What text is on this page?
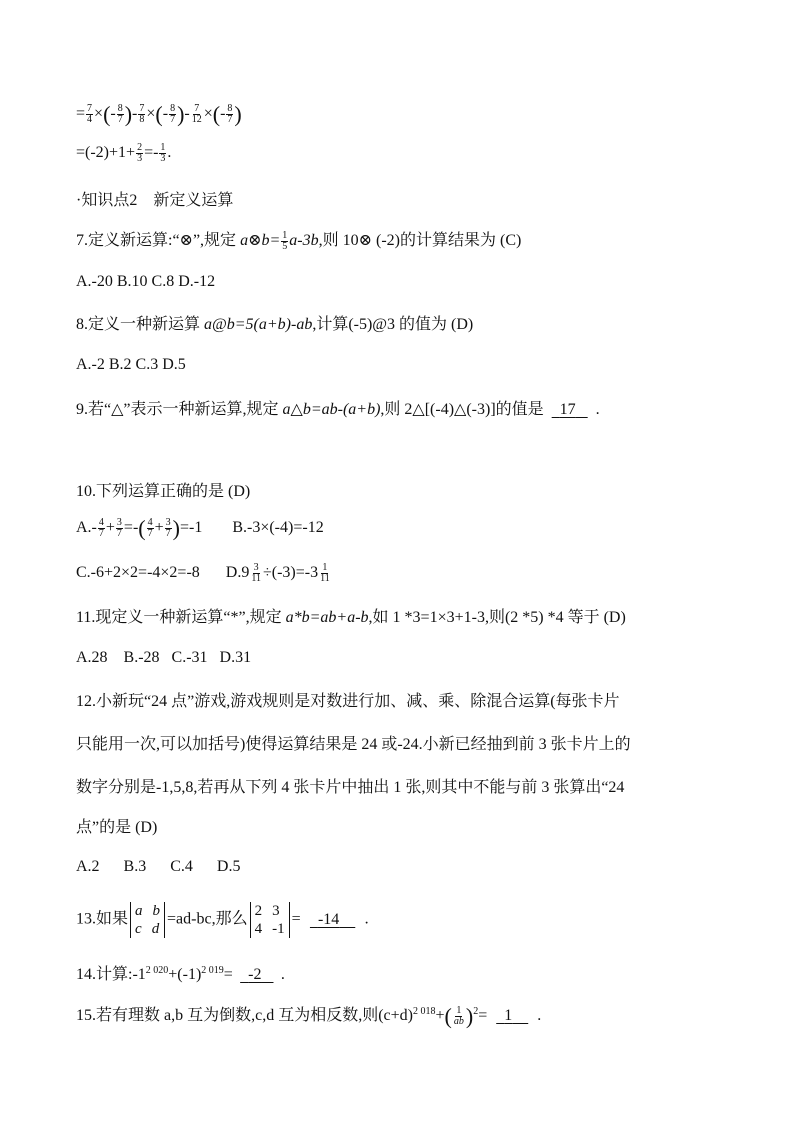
= $\frac{7}{4}$ ×(- $\frac{8}{7}$ )- $\frac{7}{8}$ ×(- $\frac{8}{7}$ )- $\frac{7}{12}$ ×(- $\frac{8}{7}$ )
$=(-2)+1+ \frac{2}{3} =- \frac{1}{3}$ .
·知识点2　新定义运算
7.定义新运算:“⊗”,规定 a⊗b= $\frac{1}{5} a-3b$,则 10⊗ (-2)的计算结果为 (C)
A.-20 B.10 C.8 D.-12
8.定义一种新运算 a@b=5(a+b)-ab,计算(-5)@3 的值为 (D)
A.-2 B.2 C.3 D.5
9.若“△”表示一种新运算,规定 a△b=ab-(a+b),则 2△[(-4)△(-3)]的值是 17 .
10.下列运算正确的是 (D)
$A.- \frac{4}{7} + \frac{3}{7}$ =-( $\frac{4}{7} + \frac{3}{7} )=-1$ B.-3×(-4)=-12
C.-6+2×2=-4×2=-8 $D.9 \frac{3}{11} \div(-3)=-3 \frac{1}{11}$
11.现定义一种新运算“*”,规定 a*b=ab+a-b,如 1 *3=1×3+1-3,则(2 *5) *4 等于 (D)
A.28    B.-28   C.-31   D.31
12.小新玩“24 点”游戏,游戏规则是对数进行加、减、乘、除混合运算(每张卡片
只能用一次,可以加括号)使得运算结果是 24 或-24.小新已经抽到前 3 张卡片上的
数字分别是-1,5,8,若再从下列 4 张卡片中抽出 1 张,则其中不能与前 3 张算出“24
点”的是 (D)
A.2      B.3      C.4      D.5
13.如果 a b
c d
=ad-bc,那么 2 3
4 -1
= -14 .
14.计算$:-1^{2 020}+(-1)^{2 019}= -2$ .
15.若有理数 a,b 互为倒数,c,d 互为相反数,则$(c+d)^{2 018}+( \frac{1}{ab} )^2= 1$ .
